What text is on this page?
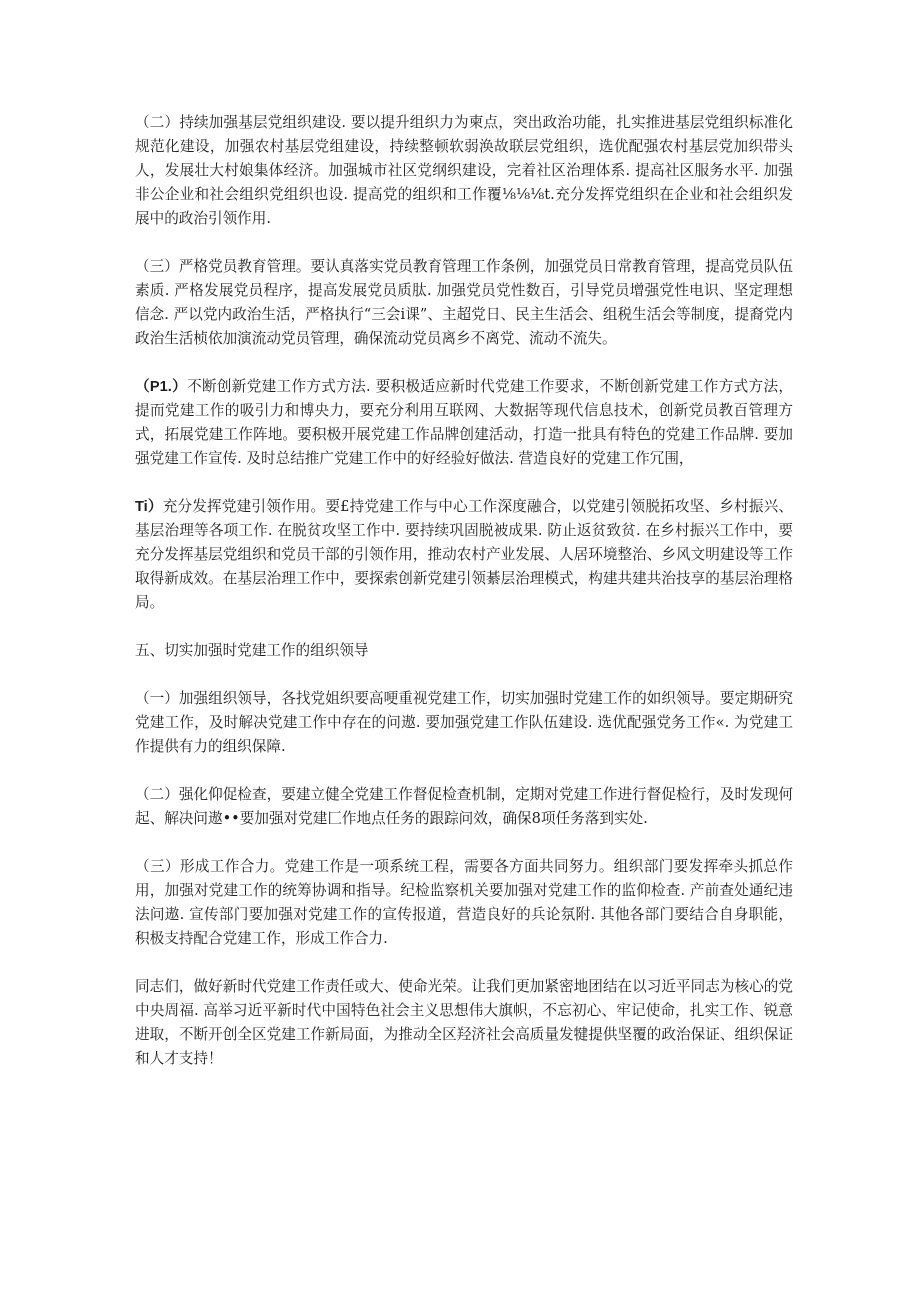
（二）持续加强基层党组织建设. 要以提升组织力为柬点，突出政治功能，扎实推进基层党组织标准化规范化建设，加强农村基层党组建设，持续整顿软弱涣故联层党组织，选优配强农村基层党加织带头人，发展壮大村娘集体经济。加强城市社区党纲织建设，完着社区治理体系. 提高社区服务水平. 加强非公企业和社会组织党组织也设. 提高党的组织和工作覆⅛⅛⅛t.充分发挥党组织在企业和社会组织发展中的政治引领作用.

（三）严格党员教育管理。要认真落实党员教育管理工作条例，加强党员日常教育管理，提高党员队伍素质. 严格发展党员程序，提高发展党员质肽. 加强党员党性数百，引导党员增强党性电识、坚定理想信念. 严以党内政治生活，严格执行“三会i课”、主超党日、民主生活会、组税生活会等制度，提裔党内政治生活桢依加演流动党员管理，确保流动党员离乡不离党、流动不流失。

（P1.）不断创新党建工作方式方法. 要积极适应新时代党建工作要求，不断创新党建工作方式方法，提而党建工作的吸引力和博央力，要充分利用互联网、大数据等现代信息技术，创新党员教百管理方式，拓展党建工作阵地。要积极开展党建工作品牌创建活动，打造一批具有特色的党建工作品牌. 要加强党建工作宣传. 及时总结推广党建工作中的好经验好做法. 营造良好的党建工作冗围，

Ti）充分发挥党建引领作用。要£持党建工作与中心工作深度融合，以党建引领脱拓攻坚、乡村振兴、基层治理等各项工作. 在脱贫攻坚工作中. 要持续巩固脱被成果. 防止返贫致贫. 在乡村振兴工作中，要充分发挥基层党组织和党员干部的引领作用，推动农村产业发展、人居环境整治、乡风文明建设等工作取得新成效。在基层治理工作中，要探索创新党建引领綦层治理模式，构建共建共治技享的基层治理格局。

五、切实加强时党建工作的组织领导

（一）加强组织领导，各找党姐织要高哽重视党建工作，切实加强时党建工作的如织领导。要定期研究党建工作，及时解决党建工作中存在的问遨. 要加强党建工作队伍建设. 选优配强党务工作«. 为党建工作提供有力的组织保障.

（二）强化仰促检查，要建立健全党建工作督促检查机制，定期对党建工作进行督促检行，及时发现何起、解决问遨••要加强对党建匚作地点任务的跟踪问效，确保8项任务落到实处.

（三）形成工作合力。党建工作是一项系统工程，需要各方面共同努力。组织部门要发挥牵头抓总作用，加强对党建工作的统筹协调和指导。纪检监察机关要加强对党建工作的监仰检查. 产前查处通纪违法问遨. 宣传部门要加强对党建工作的宣传报道，营造良好的兵论氛附. 其他各部门要结合自身职能，积极支持配合党建工作，形成工作合力.

同志们，做好新时代党建工作责任或大、使命光荣。让我们更加紧密地团结在以习近平同志为核心的党中央周福. 高举习近平新时代中国特色社会主义思想伟大旗帜，不忘初心、牢记使命，扎实工作、锐意进取，不断开创全区党建工作新局面，为推动全区羟济社会高质量发犍提供坚覆的政治保证、组织保证和人才支持！
